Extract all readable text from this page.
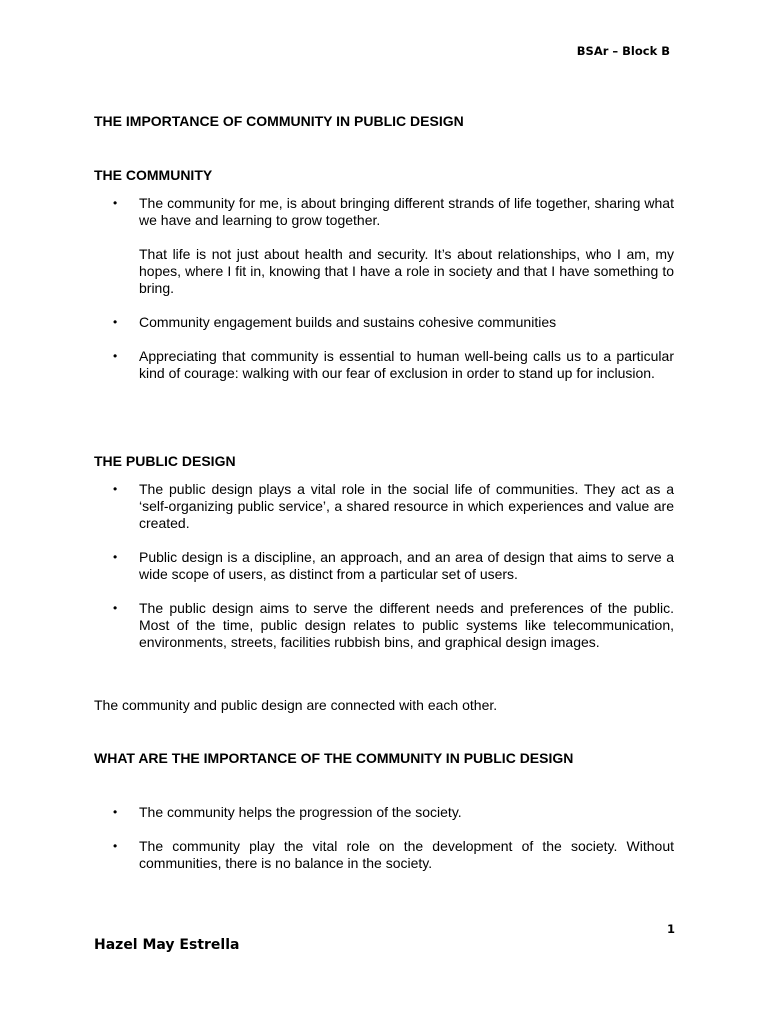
BSAr – Block B
THE IMPORTANCE OF COMMUNITY IN PUBLIC DESIGN
THE COMMUNITY
• The community for me, is about bringing different strands of life together, sharing what we have and learning to grow together.

That life is not just about health and security. It’s about relationships, who I am, my hopes, where I fit in, knowing that I have a role in society and that I have something to bring.

• Community engagement builds and sustains cohesive communities

• Appreciating that community is essential to human well-being calls us to a particular kind of courage: walking with our fear of exclusion in order to stand up for inclusion.

THE PUBLIC DESIGN
• The public design plays a vital role in the social life of communities. They act as a ‘self-organizing public service’, a shared resource in which experiences and value are created.

• Public design is a discipline, an approach, and an area of design that aims to serve a wide scope of users, as distinct from a particular set of users.

• The public design aims to serve the different needs and preferences of the public. Most of the time, public design relates to public systems like telecommunication, environments, streets, facilities rubbish bins, and graphical design images.

The community and public design are connected with each other.

WHAT ARE THE IMPORTANCE OF THE COMMUNITY IN PUBLIC DESIGN
• The community helps the progression of the society.

• The community play the vital role on the development of the society. Without communities, there is no balance in the society.

1
Hazel May Estrella
